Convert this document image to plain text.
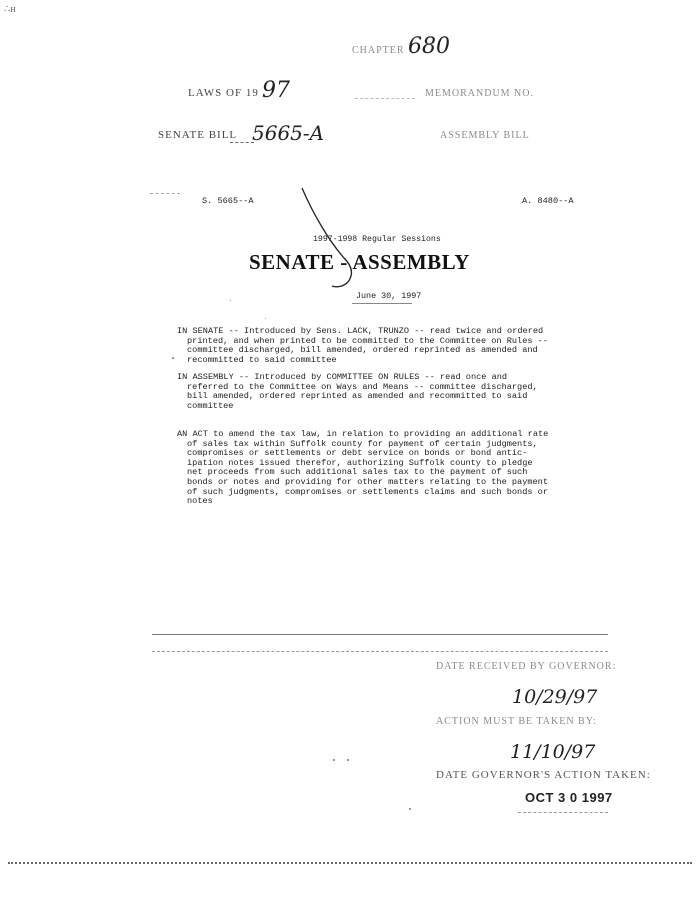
∴ʜ
CHAPTER 680
LAWS OF 19 97	MEMORANDUM NO.
SENATE BILL 5665-A	ASSEMBLY BILL
S. 5665--A	A. 8480--A
1997-1998 Regular Sessions
SENATE - ASSEMBLY
June 30, 1997
IN SENATE -- Introduced by Sens. LACK, TRUNZO -- read twice and ordered
printed, and when printed to be committed to the Committee on Rules --
committee discharged, bill amended, ordered reprinted as amended and
recommitted to said committee
IN ASSEMBLY -- Introduced by COMMITTEE ON RULES -- read once and
referred to the Committee on Ways and Means -- committee discharged,
bill amended, ordered reprinted as amended and recommitted to said
committee
AN ACT to amend the tax law, in relation to providing an additional rate
of sales tax within Suffolk county for payment of certain judgments,
compromises or settlements or debt service on bonds or bond antic-
ipation notes issued therefor, authorizing Suffolk county to pledge
net proceeds from such additional sales tax to the payment of such
bonds or notes and providing for other matters relating to the payment
of such judgments, compromises or settlements claims and such bonds or
notes
DATE RECEIVED BY GOVERNOR:
10/29/97
ACTION MUST BE TAKEN BY:
11/10/97
DATE GOVERNOR'S ACTION TAKEN:
OCT 3 0 1997
